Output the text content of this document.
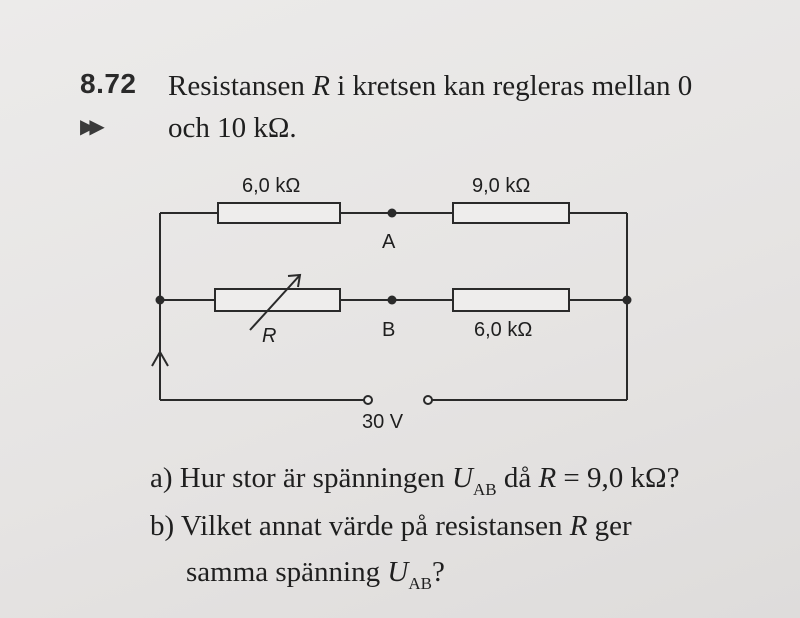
8.72
▶▶
Resistansen R i kretsen kan regleras mellan 0
och 10 kΩ.
6,0 kΩ	9,0 kΩ
A
B
R	6,0 kΩ
30 V
a) Hur stor är spänningen $U_{AB}$ då R = 9,0 kΩ?
b) Vilket annat värde på resistansen R ger
samma spänning $U_{AB}$?
